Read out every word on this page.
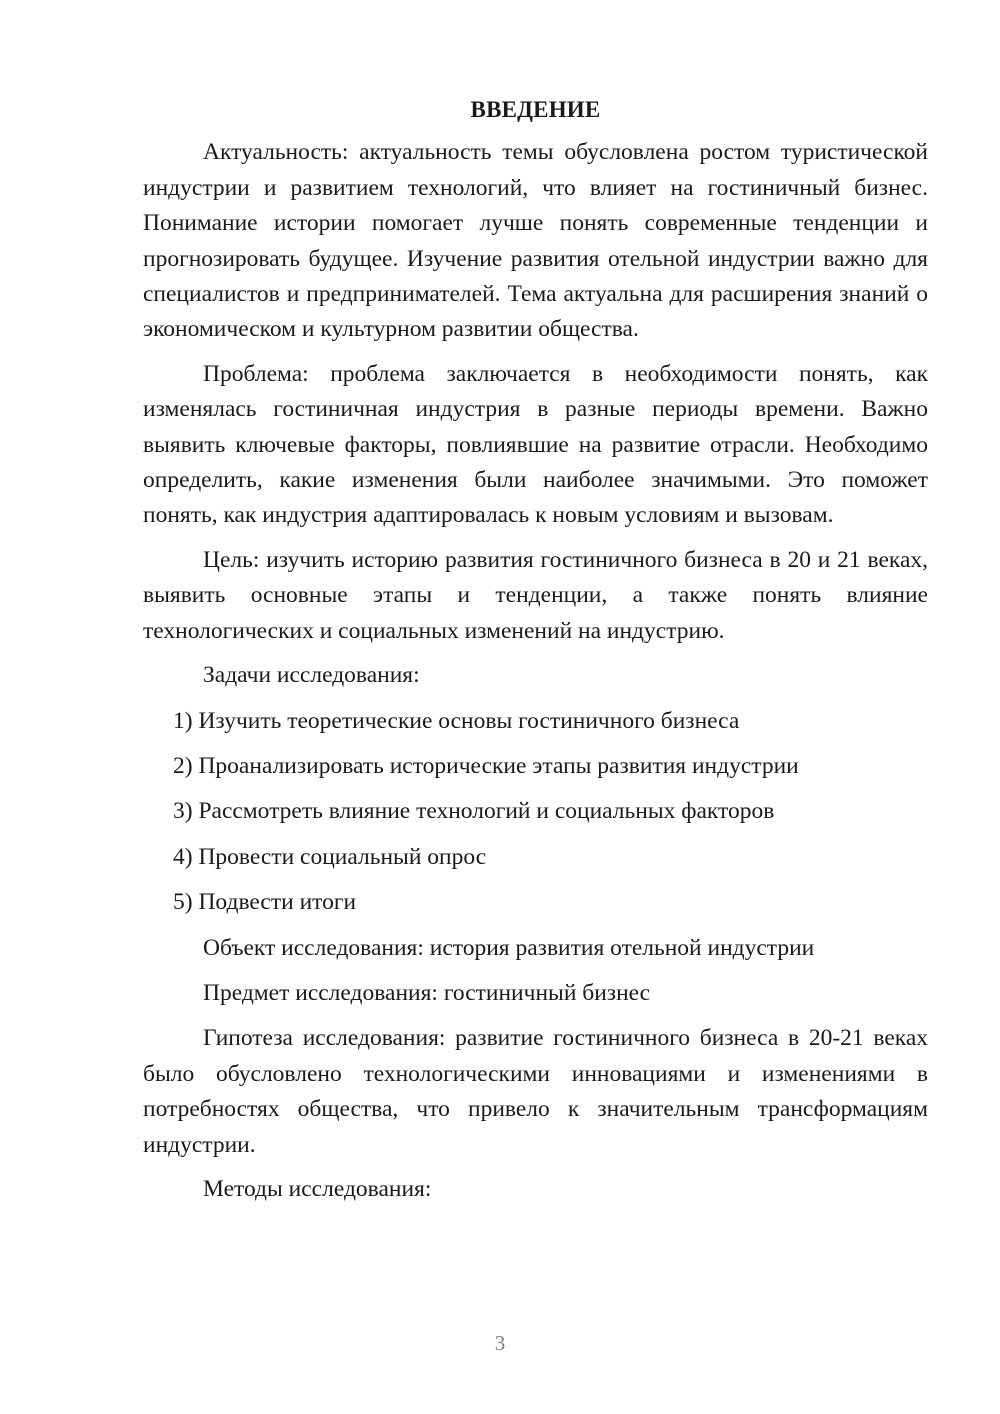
ВВЕДЕНИЕ

Актуальность: актуальность темы обусловлена ростом туристической индустрии и развитием технологий, что влияет на гостиничный бизнес. Понимание истории помогает лучше понять современные тенденции и прогнозировать будущее. Изучение развития отельной индустрии важно для специалистов и предпринимателей. Тема актуальна для расширения знаний о экономическом и культурном развитии общества.

Проблема: проблема заключается в необходимости понять, как изменялась гостиничная индустрия в разные периоды времени. Важно выявить ключевые факторы, повлиявшие на развитие отрасли. Необходимо определить, какие изменения были наиболее значимыми. Это поможет понять, как индустрия адаптировалась к новым условиям и вызовам.

Цель: изучить историю развития гостиничного бизнеса в 20 и 21 веках, выявить основные этапы и тенденции, а также понять влияние технологических и социальных изменений на индустрию.

Задачи исследования:

1) Изучить теоретические основы гостиничного бизнеса

2) Проанализировать исторические этапы развития индустрии

3) Рассмотреть влияние технологий и социальных факторов

4) Провести социальный опрос

5) Подвести итоги

Объект исследования: история развития отельной индустрии

Предмет исследования: гостиничный бизнес

Гипотеза исследования: развитие гостиничного бизнеса в 20-21 веках было обусловлено технологическими инновациями и изменениями в потребностях общества, что привело к значительным трансформациям индустрии.

Методы исследования:

3
